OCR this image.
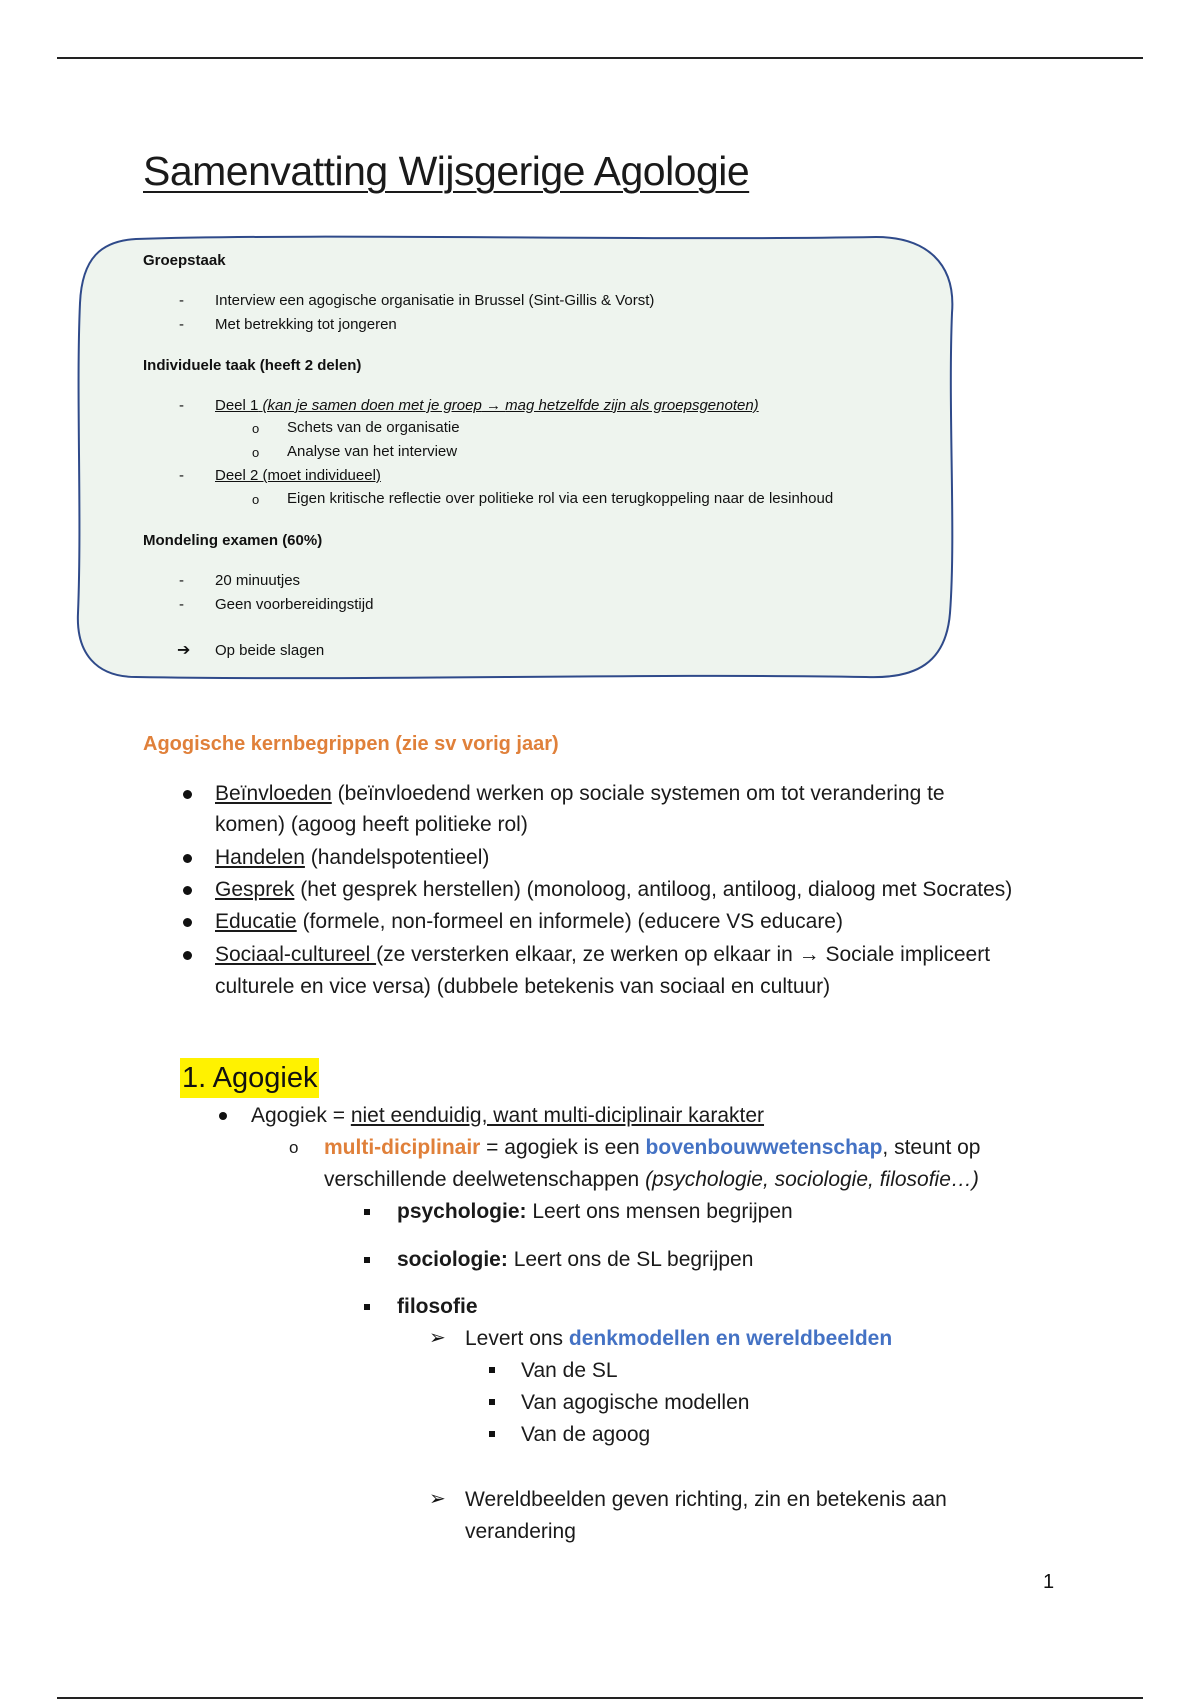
Samenvatting Wijsgerige Agologie
Groepstaak
- Interview een agogische organisatie in Brussel (Sint-Gillis & Vorst)
- Met betrekking tot jongeren
Individuele taak (heeft 2 delen)
- Deel 1 (kan je samen doen met je groep → mag hetzelfde zijn als groepsgenoten)
o Schets van de organisatie
o Analyse van het interview
- Deel 2 (moet individueel)
o Eigen kritische reflectie over politieke rol via een terugkoppeling naar de lesinhoud
Mondeling examen (60%)
- 20 minuutjes
- Geen voorbereidingstijd
➔ Op beide slagen
Agogische kernbegrippen (zie sv vorig jaar)
Beïnvloeden (beïnvloedend werken op sociale systemen om tot verandering te
komen) (agoog heeft politieke rol)
Handelen (handelspotentieel)
Gesprek (het gesprek herstellen) (monoloog, antiloog, antiloog, dialoog met Socrates)
Educatie (formele, non-formeel en informele) (educere VS educare)
Sociaal-cultureel (ze versterken elkaar, ze werken op elkaar in → Sociale impliceert
culturele en vice versa) (dubbele betekenis van sociaal en cultuur)
1. Agogiek
Agogiek = niet eenduidig, want multi-diciplinair karakter
o multi-diciplinair = agogiek is een bovenbouwwetenschap, steunt op
verschillende deelwetenschappen (psychologie, sociologie, filosofie…)
psychologie: Leert ons mensen begrijpen
sociologie: Leert ons de SL begrijpen
filosofie
➢ Levert ons denkmodellen en wereldbeelden
Van de SL
Van agogische modellen
Van de agoog
➢ Wereldbeelden geven richting, zin en betekenis aan
verandering
1
